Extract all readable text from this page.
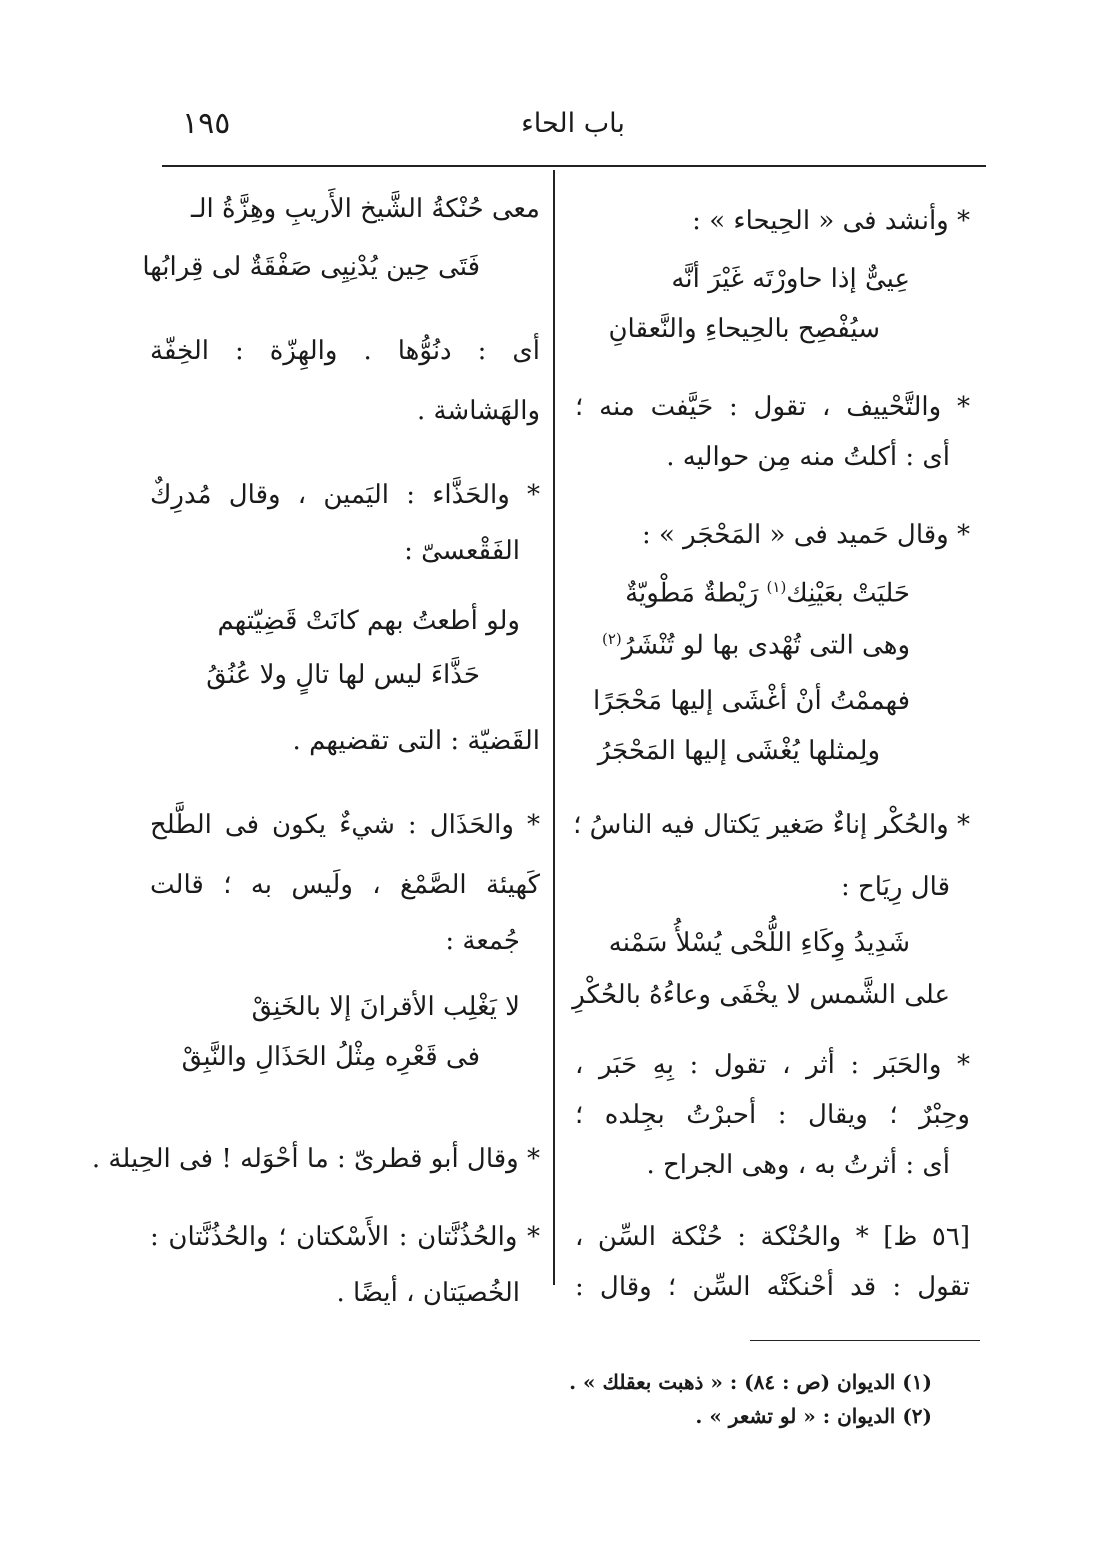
١٩٥	باب الحاء
* وأنشد فى « الحِيحاء » :
عِيىٌّ إذا حاورْتَه غَيْرَ أنَّه
سيُفْصِح بالحِيحاءِ والنَّعقانِ
* والتَّحْييف ، تقول : حَيَّفت منه ؛
أى : أكلتُ منه مِن حواليه .
* وقال حَميد فى « المَحْجَر » :
حَليَتْ بعَيْنِك$^{(١)}$ رَيْطةٌ مَطْويّةٌ
وهى التى تُهْدى بها لو تُنْشَرُ$^{(٢)}$
فهممْتُ أنْ أغْشَى إليها مَحْجَرًا
ولِمثلها يُغْشَى إليها المَحْجَرُ
* والحُكْر إناءٌ صَغير يَكتال فيه الناسُ ؛
قال رِيَاح :
شَدِيدُ وِكَاءِ اللُّحْى يُسْلأُ سَمْنه
على الشَّمس لا يخْفَى وعاءُهُ بالحُكْرِ
* والحَبَر : أثر ، تقول : بِهِ حَبَر ،
وحِبْرٌ ؛ ويقال : أحبرْتُ بجِلده ؛
أى : أثرتُ به ، وهى الجراح .
[٥٦ ظ] * والحُنْكة : حُنْكة السِّن ،
تقول : قد أحْنكَتْه السِّن ؛ وقال :
معى حُنْكةُ الشَّيخ الأَريبِ وهِزَّةُ الـ
فَتَى حِين يُدْنِيِى صَفْقَةٌ لى قِرابُها
أى : دنُوُّها . والهِزّة : الخِفّة
والهَشاشة .
* والحَذَّاء : اليَمين ، وقال مُدرِكٌ
الفَقْعسىّ :
ولو أطعتُ بهم كانَتْ قَضِيّتهم
حَذَّاءَ ليس لها تالٍ ولا عُنُقُ
القَضيّة : التى تقضيهم .
* والحَذَال : شيءٌ يكون فى الطَّلح
كَهيئة الصَّمْغ ، ولَيس به ؛ قالت
جُمعة :
لا يَغْلِب الأقرانَ إلا بالخَنِقْ
فى قَعْرِه مِثْلُ الحَذَالِ والنَّبِقْ
* وقال أبو قطرىّ : ما أحْوَله ! فى الحِيلة .
* والحُذُنَّتان : الأَسْكتان ؛ والحُذُنَّتان :
الخُصيَتان ، أيضًا .
(١) الديوان (ص : ٨٤) : « ذهبت بعقلك » .
(٢) الديوان : « لو تشعر » .
